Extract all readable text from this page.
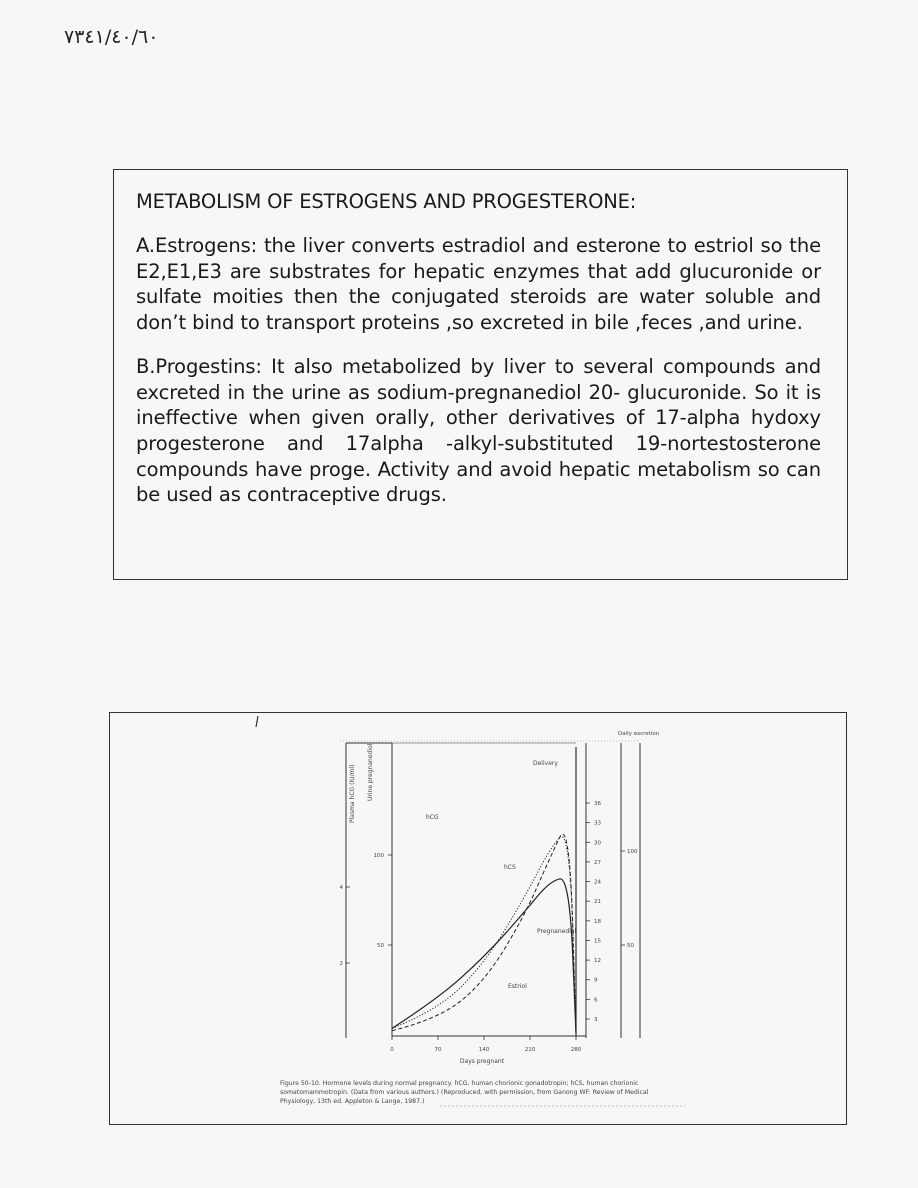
٠٦/٠٤/١٤٣٧
METABOLISM OF ESTROGENS AND PROGESTERONE:

A.Estrogens: the liver converts estradiol and esterone to estriol so the E2,E1,E3 are substrates for hepatic enzymes that add glucuronide or sulfate moities then the conjugated steroids are water soluble and don’t bind to transport proteins ,so excreted in bile ,feces ,and urine.

B.Progestins: It also metabolized by liver to several compounds and excreted in the urine as sodium-pregnanediol 20- glucuronide. So it is ineffective when given orally, other derivatives of 17-alpha hydoxy progesterone and 17alpha -alkyl-substituted 19-nortestosterone compounds have proge. Activity and avoid hepatic metabolism so can be used as contraceptive drugs.

Daily excretion
Plasma hCG (IU/ml) Urine pregnanediol	Delivery
hCG
hCS
Pregnanediol
Estriol
Days pregnant
0	70	140	210	280
3
6
9
12
15
18
21
24
27
30
33
36
50
100
50
100
2
4
Figure 50-10. Hormone levels during normal pregnancy. hCG, human chorionic gonadotropin; hCS, human chorionic
somatomammotropin. (Data from various authors.) (Reproduced, with permission, from Ganong WF: Review of Medical
Physiology, 13th ed. Appleton & Lange, 1987.)
